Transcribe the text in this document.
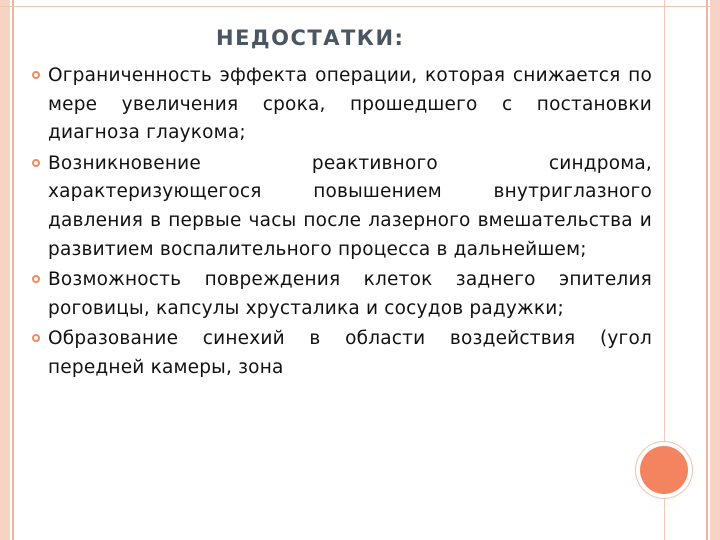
НЕДОСТАТКИ:
Ограниченность эффекта операции, которая снижается по мере увеличения срока, прошедшего с постановки диагноза глаукома;
Возникновение реактивного синдрома, характеризующегося повышением внутриглазного давления в первые часы после лазерного вмешательства и развитием воспалительного процесса в дальнейшем;
Возможность повреждения клеток заднего эпителия роговицы, капсулы хрусталика и сосудов радужки;
Образование синехий в области воздействия (угол передней камеры, зона
